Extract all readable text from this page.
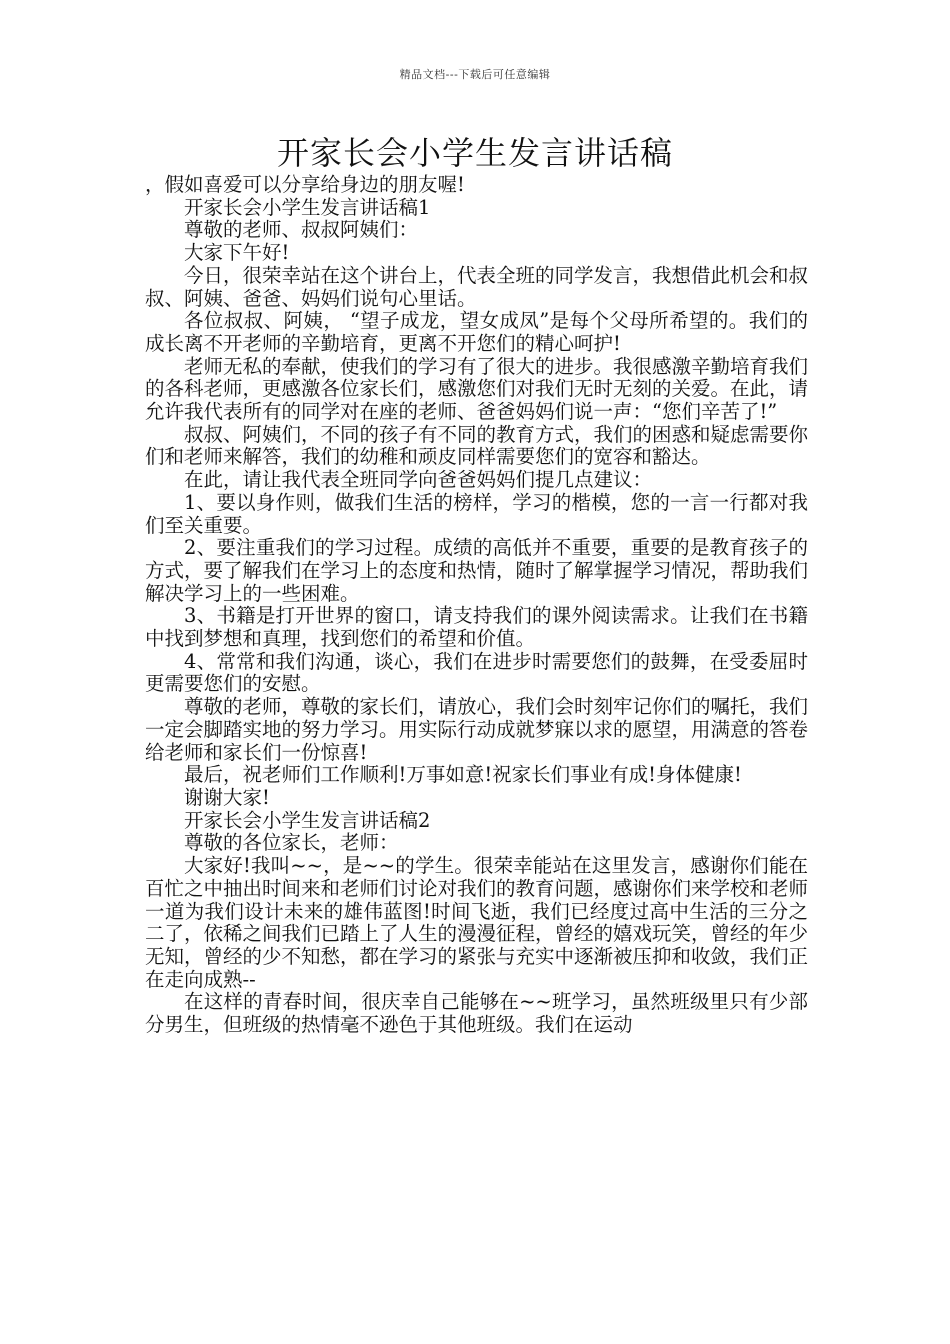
精品文档---下载后可任意编辑
开家长会小学生发言讲话稿

，假如喜爱可以分享给身边的朋友喔!

开家长会小学生发言讲话稿1

尊敬的老师、叔叔阿姨们：

大家下午好!

今日，很荣幸站在这个讲台上，代表全班的同学发言，我想借此机会和叔叔、阿姨、爸爸、妈妈们说句心里话。

各位叔叔、阿姨， “望子成龙，望女成凤”是每个父母所希望的。我们的成长离不开老师的辛勤培育，更离不开您们的精心呵护!

老师无私的奉献，使我们的学习有了很大的进步。我很感激辛勤培育我们的各科老师，更感激各位家长们，感激您们对我们无时无刻的关爱。在此，请允许我代表所有的同学对在座的老师、爸爸妈妈们说一声：“您们辛苦了!”

叔叔、阿姨们，不同的孩子有不同的教育方式，我们的困惑和疑虑需要你们和老师来解答，我们的幼稚和顽皮同样需要您们的宽容和豁达。

在此，请让我代表全班同学向爸爸妈妈们提几点建议：

1、要以身作则，做我们生活的榜样，学习的楷模，您的一言一行都对我们至关重要。

2、要注重我们的学习过程。成绩的高低并不重要，重要的是教育孩子的方式，要了解我们在学习上的态度和热情，随时了解掌握学习情况，帮助我们解决学习上的一些困难。

3、书籍是打开世界的窗口，请支持我们的课外阅读需求。让我们在书籍中找到梦想和真理，找到您们的希望和价值。

4、常常和我们沟通，谈心，我们在进步时需要您们的鼓舞，在受委屈时更需要您们的安慰。

尊敬的老师，尊敬的家长们，请放心，我们会时刻牢记你们的嘱托，我们一定会脚踏实地的努力学习。用实际行动成就梦寐以求的愿望，用满意的答卷给老师和家长们一份惊喜!

最后，祝老师们工作顺利!万事如意!祝家长们事业有成!身体健康!

谢谢大家!

开家长会小学生发言讲话稿2

尊敬的各位家长，老师：

大家好!我叫~~，是~~的学生。很荣幸能站在这里发言，感谢你们能在百忙之中抽出时间来和老师们讨论对我们的教育问题，感谢你们来学校和老师一道为我们设计未来的雄伟蓝图!时间飞逝，我们已经度过高中生活的三分之二了，依稀之间我们已踏上了人生的漫漫征程，曾经的嬉戏玩笑，曾经的年少无知，曾经的少不知愁，都在学习的紧张与充实中逐渐被压抑和收敛，我们正在走向成熟--

在这样的青春时间，很庆幸自己能够在~~班学习，虽然班级里只有少部分男生，但班级的热情毫不逊色于其他班级。我们在运动
